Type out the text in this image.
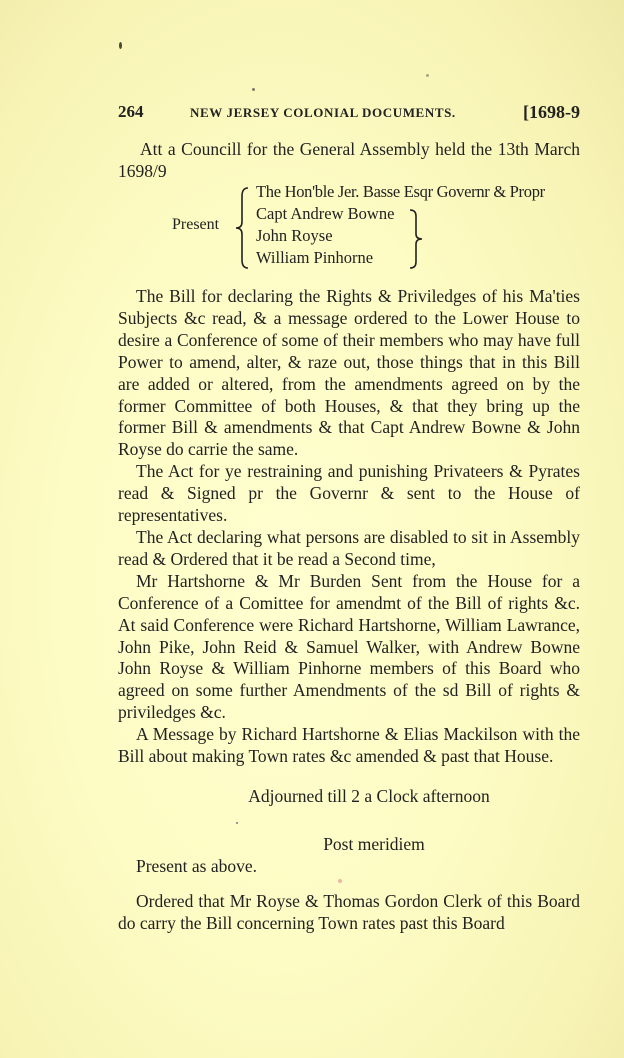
264	NEW JERSEY COLONIAL DOCUMENTS.	[1698-9

Att a Councill for the General Assembly held the 13th March 1698/9

Present
The Hon'ble Jer. Basse Esqr Governr & Propr
Capt Andrew Bowne
John Royse
William Pinhorne

The Bill for declaring the Rights & Priviledges of his Ma'ties Subjects &c read, & a message ordered to the Lower House to desire a Conference of some of their members who may have full Power to amend, alter, & raze out, those things that in this Bill are added or altered, from the amendments agreed on by the former Committee of both Houses, & that they bring up the former Bill & amendments & that Capt Andrew Bowne & John Royse do carrie the same.

The Act for ye restraining and punishing Privateers & Pyrates read & Signed pr the Governr & sent to the House of representatives.

The Act declaring what persons are disabled to sit in Assembly read & Ordered that it be read a Second time,

Mr Hartshorne & Mr Burden Sent from the House for a Conference of a Comittee for amendmt of the Bill of rights &c. At said Conference were Richard Hartshorne, William Lawrance, John Pike, John Reid & Samuel Walker, with Andrew Bowne John Royse & William Pinhorne members of this Board who agreed on some further Amendments of the sd Bill of rights & priviledges &c.

A Message by Richard Hartshorne & Elias Mackilson with the Bill about making Town rates &c amended & past that House.

Adjourned till 2 a Clock afternoon
Post meridiem
Present as above.

Ordered that Mr Royse & Thomas Gordon Clerk of this Board do carry the Bill concerning Town rates past this Board
